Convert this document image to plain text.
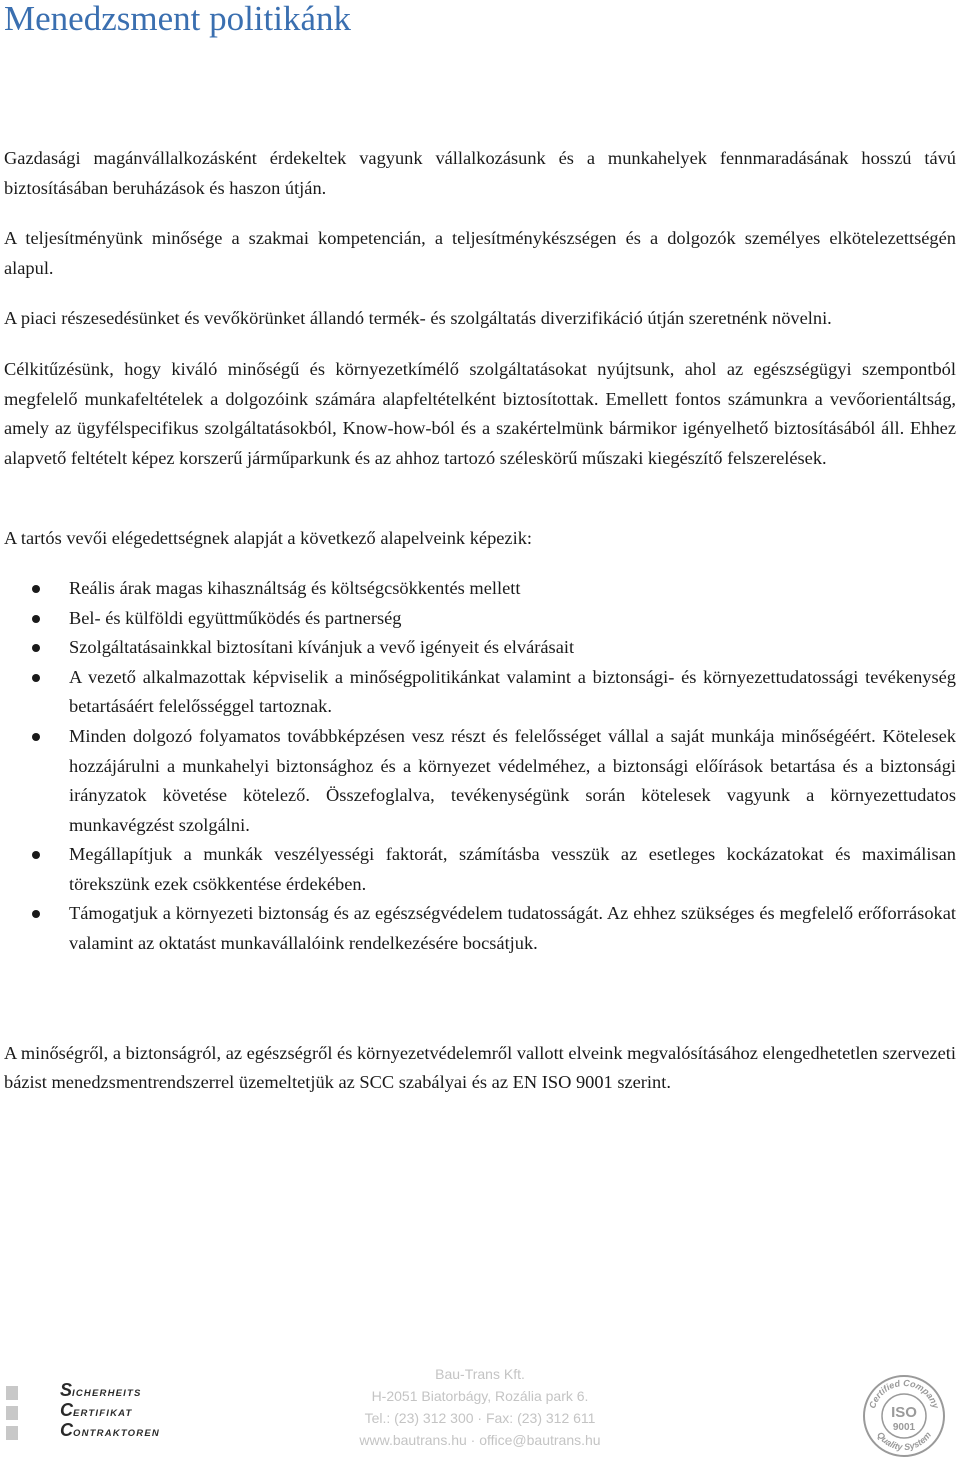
Menedzsment politikánk

Gazdasági magánvállalkozásként érdekeltek vagyunk vállalkozásunk és a munkahelyek fennmaradásának hosszú távú biztosításában beruházások és haszon útján.

A teljesítményünk minősége a szakmai kompetencián, a teljesítménykészségen és a dolgozók személyes elkötelezettségén alapul.

A piaci részesedésünket és vevőkörünket állandó termék- és szolgáltatás diverzifikáció útján szeretnénk növelni.

Célkitűzésünk, hogy kiváló minőségű és környezetkímélő szolgáltatásokat nyújtsunk, ahol az egészségügyi szempontból megfelelő munkafeltételek a dolgozóink számára alapfeltételként biztosítottak. Emellett fontos számunkra a vevőorientáltság, amely az ügyfélspecifikus szolgáltatásokból, Know-how-ból és a szakértelmünk bármikor igényelhető biztosításából áll. Ehhez alapvető feltételt képez korszerű járműparkunk és az ahhoz tartozó széleskörű műszaki kiegészítő felszerelések.

A tartós vevői elégedettségnek alapját a következő alapelveink képezik:

Reális árak magas kihasználtság és költségcsökkentés mellett
Bel- és külföldi együttműködés és partnerség
Szolgáltatásainkkal biztosítani kívánjuk a vevő igényeit és elvárásait
A vezető alkalmazottak képviselik a minőségpolitikánkat valamint a biztonsági- és környezettudatossági tevékenység betartásáért felelősséggel tartoznak.
Minden dolgozó folyamatos továbbképzésen vesz részt és felelősséget vállal a saját munkája minőségéért. Kötelesek hozzájárulni a munkahelyi biztonsághoz és a környezet védelméhez, a biztonsági előírások betartása és a biztonsági irányzatok követése kötelező. Összefoglalva, tevékenységünk során kötelesek vagyunk a környezettudatos munkavégzést szolgálni.
Megállapítjuk a munkák veszélyességi faktorát, számításba vesszük az esetleges kockázatokat és maximálisan törekszünk ezek csökkentése érdekében.
Támogatjuk a környezeti biztonság és az egészségvédelem tudatosságát. Az ehhez szükséges és megfelelő erőforrásokat valamint az oktatást munkavállalóink rendelkezésére bocsátjuk.

A minőségről, a biztonságról, az egészségről és környezetvédelemről vallott elveink megvalósításához elengedhetetlen szervezeti bázist menedzsmentrendszerrel üzemeltetjük az SCC szabályai és az EN ISO 9001 szerint.

SICHERHEITS
CERTIFIKAT
CONTRAKTOREN
Bau-Trans Kft.
H-2051 Biatorbágy, Rozália park 6.
Tel.: (23) 312 300 · Fax: (23) 312 611
www.bautrans.hu · office@bautrans.hu
Certified Company
Quality System
ISO
9001
